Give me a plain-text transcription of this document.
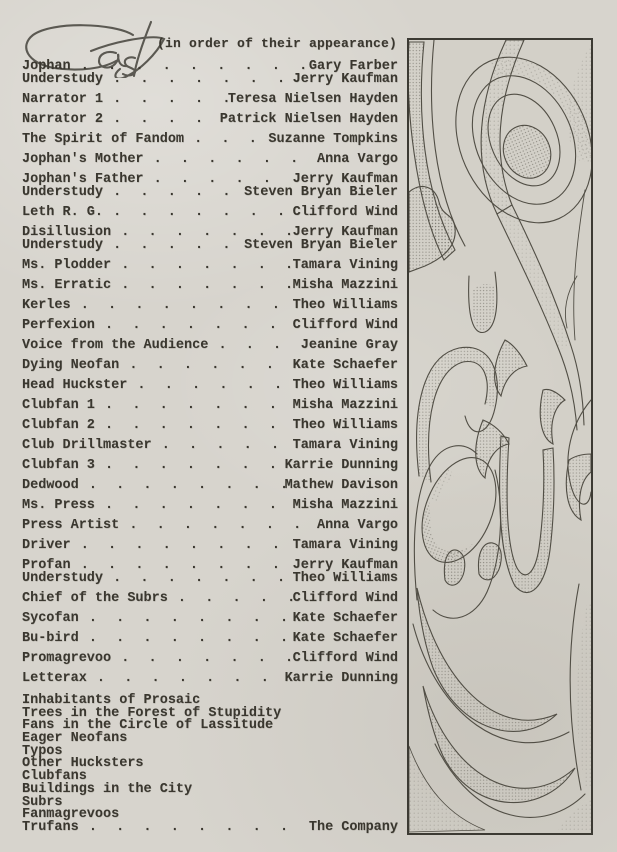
(in order of their appearance)
Jophan .  .	Gary Farber
Understudy .  .	Jerry Kaufman
Narrator 1 .  .	Teresa Nielsen Hayden
Narrator 2 .  .	Patrick Nielsen Hayden
The Spirit of Fandom .  .	Suzanne Tompkins
Jophan's Mother .  .	Anna Vargo
Jophan's Father .  .	Jerry Kaufman
Understudy .  .	Steven Bryan Bieler
Leth R. G. .  .	Clifford Wind
Disillusion .  .	Jerry Kaufman
Understudy .  .	Steven Bryan Bieler
Ms. Plodder .  .	Tamara Vining
Ms. Erratic .  .	Misha Mazzini
Kerles .  .	Theo Williams
Perfexion .  .	Clifford Wind
Voice from the Audience .  .	Jeanine Gray
Dying Neofan .  .	Kate Schaefer
Head Huckster .  .	Theo Williams
Clubfan 1 .  .	Misha Mazzini
Clubfan 2 .  .	Theo Williams
Club Drillmaster .  .	Tamara Vining
Clubfan 3 .  .	Karrie Dunning
Dedwood .  .	Mathew Davison
Ms. Press .  .	Misha Mazzini
Press Artist .  .	Anna Vargo
Driver .  .	Tamara Vining
Profan .  .	Jerry Kaufman
Understudy .  .	Theo Williams
Chief of the Subrs .  .	Clifford Wind
Sycofan .  .	Kate Schaefer
Bu-bird .  .	Kate Schaefer
Promagrevoo .  .	Clifford Wind
Letterax .  .	Karrie Dunning
Inhabitants of Prosaic
Trees in the Forest of Stupidity
Fans in the Circle of Lassitude
Eager Neofans
Typos
Other Hucksters
Clubfans
Buildings in the City
Subrs
Fanmagrevoos
Trufans .  .	The Company
